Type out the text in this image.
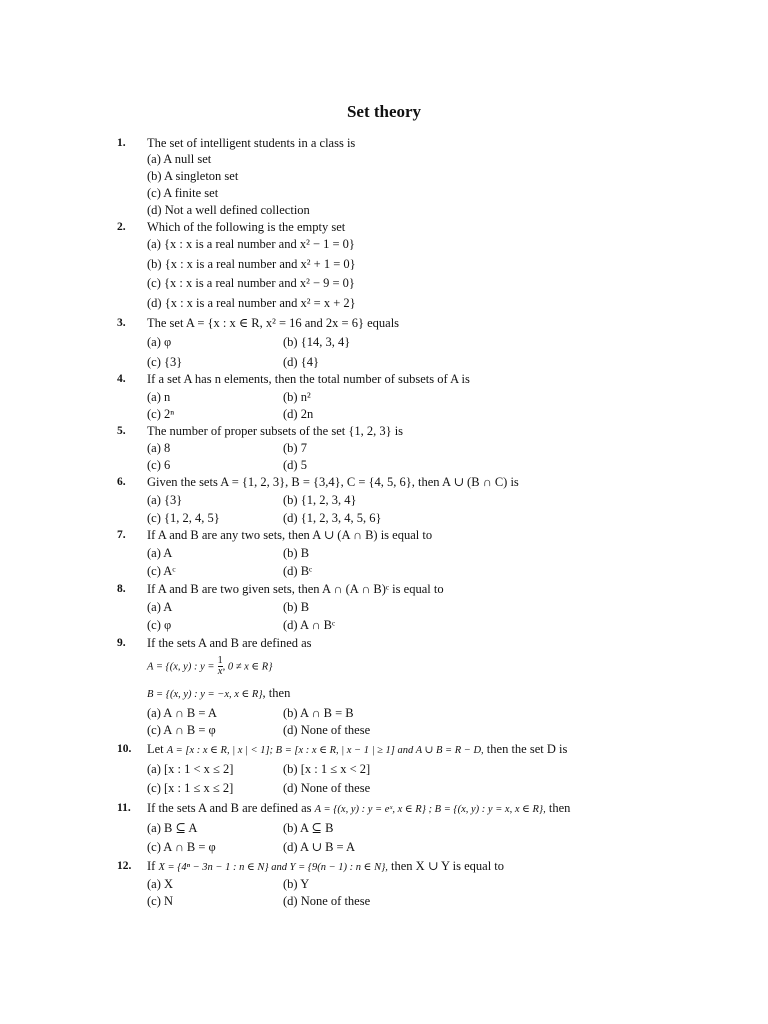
Set theory
1. The set of intelligent students in a class is
(a) A null set
(b) A singleton set
(c) A finite set
(d) Not a well defined collection
2. Which of the following is the empty set
(a) {x : x is a real number and x² − 1 = 0}
(b) {x : x is a real number and x² + 1 = 0}
(c) {x : x is a real number and x² − 9 = 0}
(d) {x : x is a real number and x² = x + 2}
3. The set A = {x : x ∈ R, x² = 16 and 2x = 6} equals
(a) φ	(b) {14, 3, 4}
(c) {3}	(d) {4}
4. If a set A has n elements, then the total number of subsets of A is
(a) n	(b) n²
(c) 2ⁿ	(d) 2n
5. The number of proper subsets of the set {1, 2, 3} is
(a) 8	(b) 7
(c) 6	(d) 5
6. Given the sets A = {1, 2, 3}, B = {3,4}, C = {4, 5, 6}, then A ∪ (B ∩ C) is
(a) {3}	(b) {1, 2, 3, 4}
(c) {1, 2, 4, 5}	(d) {1, 2, 3, 4, 5, 6}
7. If A and B are any two sets, then A ∪ (A ∩ B) is equal to
(a) A	(b) B
(c) Aᶜ	(d) Bᶜ
8. If A and B are two given sets, then A ∩ (A ∩ B)ᶜ is equal to
(a) A	(b) B
(c) φ	(d) A ∩ Bᶜ
9. If the sets A and B are defined as
A = {(x, y) : $y = \frac{1}{x}$ , 0 ≠ x ∈ R}
B = {(x, y) : y = −x, x ∈ R}, then
(a) A ∩ B = A	(b) A ∩ B = B
(c) A ∩ B = φ	(d) None of these
10. Let A = [x : x ∈ R, | x | < 1]; B = [x : x ∈ R, | x − 1 | ≥ 1] and A ∪ B = R − D, then the set D is
(a) [x : 1 < x ≤ 2]	(b) [x : 1 ≤ x < 2]
(c) [x : 1 ≤ x ≤ 2]	(d) None of these
11. If the sets A and B are defined as A = {(x, y) : y = eˣ, x ∈ R} ; B = {(x, y) : y = x, x ∈ R}, then
(a) B ⊆ A	(b) A ⊆ B
(c) A ∩ B = φ	(d) A ∪ B = A
12. If X = {4ⁿ − 3n − 1 : n ∈ N} and Y = {9(n − 1) : n ∈ N}, then X ∪ Y is equal to
(a) X	(b) Y
(c) N	(d) None of these
